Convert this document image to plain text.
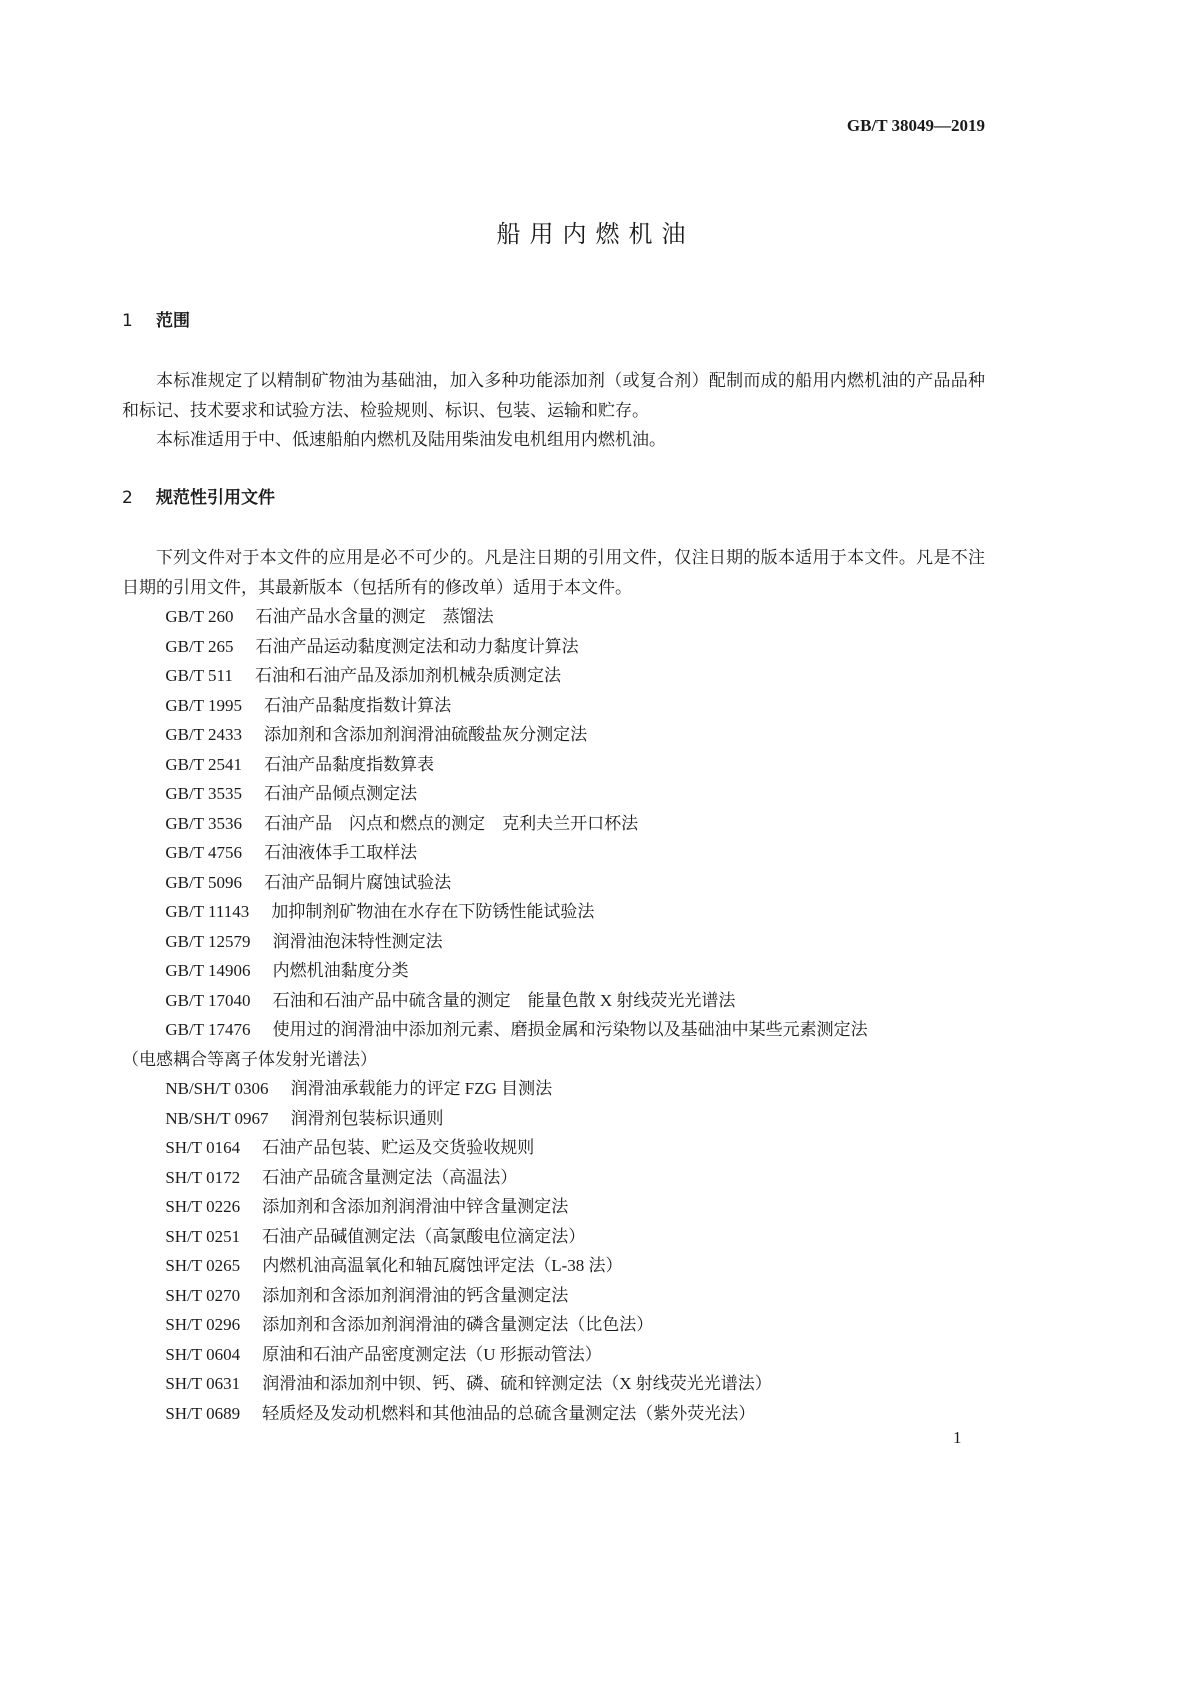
GB/T 38049—2019
船用内燃机油
1 范围

本标准规定了以精制矿物油为基础油，加入多种功能添加剂（或复合剂）配制而成的船用内燃机油的产品品种和标记、技术要求和试验方法、检验规则、标识、包装、运输和贮存。

本标准适用于中、低速船舶内燃机及陆用柴油发电机组用内燃机油。

2 规范性引用文件

下列文件对于本文件的应用是必不可少的。凡是注日期的引用文件，仅注日期的版本适用于本文件。凡是不注日期的引用文件，其最新版本（包括所有的修改单）适用于本文件。

GB/T 260 石油产品水含量的测定　蒸馏法
GB/T 265 石油产品运动黏度测定法和动力黏度计算法
GB/T 511 石油和石油产品及添加剂机械杂质测定法
GB/T 1995 石油产品黏度指数计算法
GB/T 2433 添加剂和含添加剂润滑油硫酸盐灰分测定法
GB/T 2541 石油产品黏度指数算表
GB/T 3535 石油产品倾点测定法
GB/T 3536 石油产品　闪点和燃点的测定　克利夫兰开口杯法
GB/T 4756 石油液体手工取样法
GB/T 5096 石油产品铜片腐蚀试验法
GB/T 11143 加抑制剂矿物油在水存在下防锈性能试验法
GB/T 12579 润滑油泡沫特性测定法
GB/T 14906 内燃机油黏度分类
GB/T 17040 石油和石油产品中硫含量的测定　能量色散 X 射线荧光光谱法
GB/T 17476 使用过的润滑油中添加剂元素、磨损金属和污染物以及基础油中某些元素测定法
（电感耦合等离子体发射光谱法）
NB/SH/T 0306 润滑油承载能力的评定 FZG 目测法
NB/SH/T 0967 润滑剂包装标识通则
SH/T 0164 石油产品包装、贮运及交货验收规则
SH/T 0172 石油产品硫含量测定法（高温法）
SH/T 0226 添加剂和含添加剂润滑油中锌含量测定法
SH/T 0251 石油产品碱值测定法（高氯酸电位滴定法）
SH/T 0265 内燃机油高温氧化和轴瓦腐蚀评定法（L-38 法）
SH/T 0270 添加剂和含添加剂润滑油的钙含量测定法
SH/T 0296 添加剂和含添加剂润滑油的磷含量测定法（比色法）
SH/T 0604 原油和石油产品密度测定法（U 形振动管法）
SH/T 0631 润滑油和添加剂中钡、钙、磷、硫和锌测定法（X 射线荧光光谱法）
SH/T 0689 轻质烃及发动机燃料和其他油品的总硫含量测定法（紫外荧光法）
1
